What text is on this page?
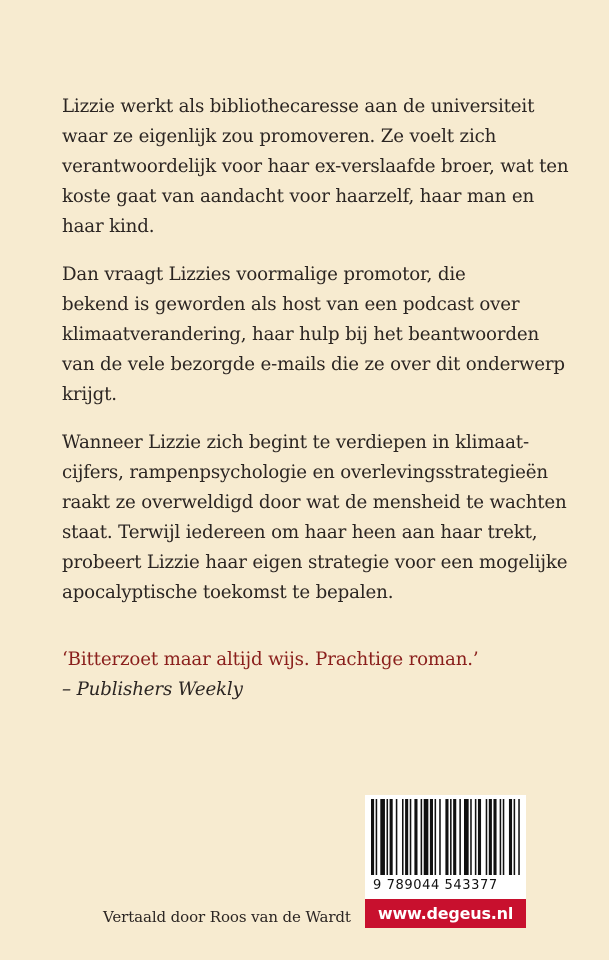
Lizzie werkt als bibliothecaresse aan de universiteit
waar ze eigenlijk zou promoveren. Ze voelt zich
verantwoordelijk voor haar ex-verslaafde broer, wat ten
koste gaat van aandacht voor haarzelf, haar man en
haar kind.

Dan vraagt Lizzies voormalige promotor, die
bekend is geworden als host van een podcast over
klimaatverandering, haar hulp bij het beantwoorden
van de vele bezorgde e-mails die ze over dit onderwerp
krijgt.

Wanneer Lizzie zich begint te verdiepen in klimaat-
cijfers, rampenpsychologie en overlevingsstrategieën
raakt ze overweldigd door wat de mensheid te wachten
staat. Terwijl iedereen om haar heen aan haar trekt,
probeert Lizzie haar eigen strategie voor een mogelijke
apocalyptische toekomst te bepalen.

‘Bitterzoet maar altijd wijs. Prachtige roman.’
– Publishers Weekly
Vertaald door Roos van de Wardt
9 789044 543377
www.degeus.nl
